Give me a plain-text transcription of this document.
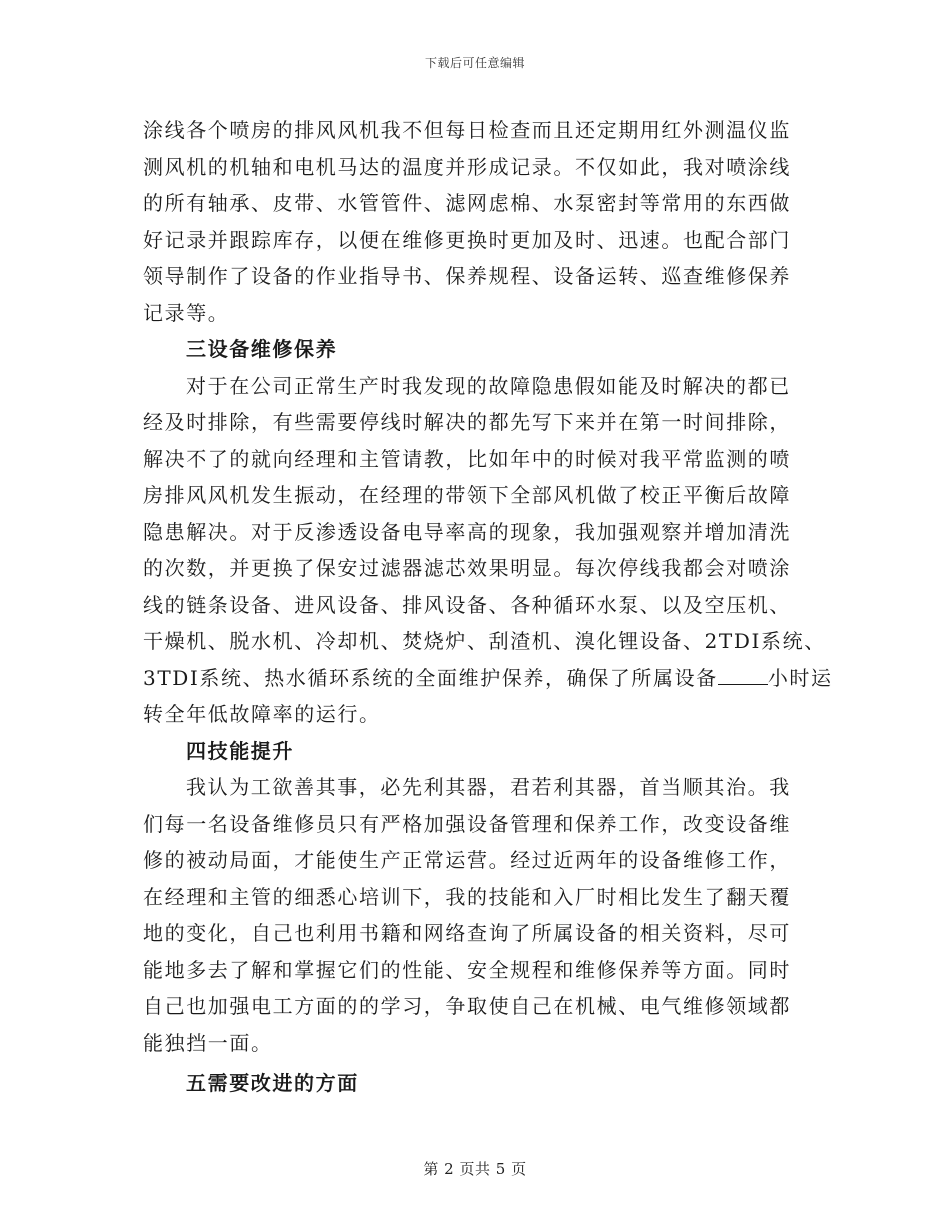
下载后可任意编辑
涂线各个喷房的排风风机我不但每日检查而且还定期用红外测温仪监
测风机的机轴和电机马达的温度并形成记录。不仅如此，我对喷涂线
的所有轴承、皮带、水管管件、滤网虑棉、水泵密封等常用的东西做
好记录并跟踪库存，以便在维修更换时更加及时、迅速。也配合部门
领导制作了设备的作业指导书、保养规程、设备运转、巡查维修保养
记录等。
三设备维修保养
对于在公司正常生产时我发现的故障隐患假如能及时解决的都已
经及时排除，有些需要停线时解决的都先写下来并在第一时间排除，
解决不了的就向经理和主管请教，比如年中的时候对我平常监测的喷
房排风风机发生振动，在经理的带领下全部风机做了校正平衡后故障
隐患解决。对于反渗透设备电导率高的现象，我加强观察并增加清洗
的次数，并更换了保安过滤器滤芯效果明显。每次停线我都会对喷涂
线的链条设备、进风设备、排风设备、各种循环水泵、以及空压机、
干燥机、脱水机、冷却机、焚烧炉、刮渣机、溴化锂设备、2TDI系统、
3TDI系统、热水循环系统的全面维护保养，确保了所属设备	小时运
转全年低故障率的运行。
四技能提升
我认为工欲善其事，必先利其器，君若利其器，首当顺其治。我
们每一名设备维修员只有严格加强设备管理和保养工作，改变设备维
修的被动局面，才能使生产正常运营。经过近两年的设备维修工作，
在经理和主管的细悉心培训下，我的技能和入厂时相比发生了翻天覆
地的变化，自己也利用书籍和网络查询了所属设备的相关资料，尽可
能地多去了解和掌握它们的性能、安全规程和维修保养等方面。同时
自己也加强电工方面的的学习，争取使自己在机械、电气维修领域都
能独挡一面。
五需要改进的方面
第 2 页共 5 页
